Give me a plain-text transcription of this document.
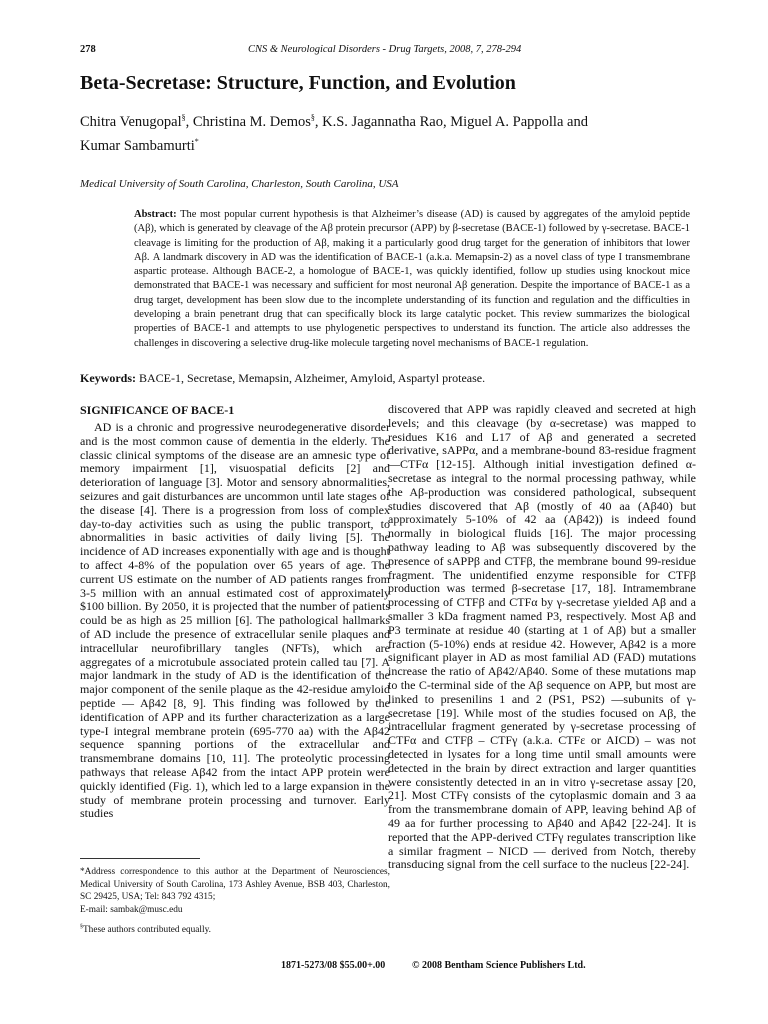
278	CNS & Neurological Disorders - Drug Targets, 2008, 7, 278-294
Beta-Secretase: Structure, Function, and Evolution

Chitra Venugopal§, Christina M. Demos§, K.S. Jagannatha Rao, Miguel A. Pappolla and
Kumar Sambamurti*

Medical University of South Carolina, Charleston, South Carolina, USA

Abstract: The most popular current hypothesis is that Alzheimer’s disease (AD) is caused by aggregates of the amyloid peptide (Aβ), which is generated by cleavage of the Aβ protein precursor (APP) by β-secretase (BACE-1) followed by γ-secretase. BACE-1 cleavage is limiting for the production of Aβ, making it a particularly good drug target for the generation of inhibitors that lower Aβ. A landmark discovery in AD was the identification of BACE-1 (a.k.a. Memapsin-2) as a novel class of type I transmembrane aspartic protease. Although BACE-2, a homologue of BACE-1, was quickly identified, follow up studies using knockout mice demonstrated that BACE-1 was necessary and sufficient for most neuronal Aβ generation. Despite the importance of BACE-1 as a drug target, development has been slow due to the incomplete understanding of its function and regulation and the difficulties in developing a brain penetrant drug that can specifically block its large catalytic pocket. This review summarizes the biological properties of BACE-1 and attempts to use phylogenetic perspectives to understand its function. The article also addresses the challenges in discovering a selective drug-like molecule targeting novel mechanisms of BACE-1 regulation.

Keywords: BACE-1, Secretase, Memapsin, Alzheimer, Amyloid, Aspartyl protease.

SIGNIFICANCE OF BACE-1

AD is a chronic and progressive neurodegenerative disorder and is the most common cause of dementia in the elderly. The classic clinical symptoms of the disease are an amnesic type of memory impairment [1], visuospatial deficits [2] and deterioration of language [3]. Motor and sensory abnormalities, seizures and gait disturbances are uncommon until late stages of the disease [4]. There is a progression from loss of complex day-to-day activities such as using the public transport, to abnormalities in basic activities of daily living [5]. The incidence of AD increases exponentially with age and is thought to affect 4-8% of the population over 65 years of age. The current US estimate on the number of AD patients ranges from 3-5 million with an annual estimated cost of approximately $100 billion. By 2050, it is projected that the number of patients could be as high as 25 million [6]. The pathological hallmarks of AD include the presence of extracellular senile plaques and intracellular neurofibrillary tangles (NFTs), which are aggregates of a microtubule associated protein called tau [7]. A major landmark in the study of AD is the identification of the major component of the senile plaque as the 42-residue amyloid peptide — Aβ42 [8, 9]. This finding was followed by the identification of APP and its further characterization as a large type-I integral membrane protein (695-770 aa) with the Aβ42 sequence spanning portions of the extracellular and transmembrane domains [10, 11]. The proteolytic processing pathways that release Aβ42 from the intact APP protein were quickly identified (Fig. 1), which led to a large expansion in the study of membrane protein processing and turnover. Early studies

discovered that APP was rapidly cleaved and secreted at high levels; and this cleavage (by α-secretase) was mapped to residues K16 and L17 of Aβ and generated a secreted derivative, sAPPα, and a membrane-bound 83-residue fragment—CTFα [12-15]. Although initial investigation defined α-secretase as integral to the normal processing pathway, while the Aβ-production was considered pathological, subsequent studies discovered that Aβ (mostly of 40 aa (Aβ40) but approximately 5-10% of 42 aa (Aβ42)) is indeed found normally in biological fluids [16]. The major processing pathway leading to Aβ was subsequently discovered by the presence of sAPPβ and CTFβ, the membrane bound 99-residue fragment. The unidentified enzyme responsible for CTFβ production was termed β-secretase [17, 18]. Intramembrane processing of CTFβ and CTFα by γ-secretase yielded Aβ and a smaller 3 kDa fragment named P3, respectively. Most Aβ and P3 terminate at residue 40 (starting at 1 of Aβ) but a smaller fraction (5-10%) ends at residue 42. However, Aβ42 is a more significant player in AD as most familial AD (FAD) mutations increase the ratio of Aβ42/Aβ40. Some of these mutations map to the C-terminal side of the Aβ sequence on APP, but most are linked to presenilins 1 and 2 (PS1, PS2) —subunits of γ-secretase [19]. While most of the studies focused on Aβ, the intracellular fragment generated by γ-secretase processing of CTFα and CTFβ – CTFγ (a.k.a. CTFε or AICD) – was not detected in lysates for a long time until small amounts were detected in the brain by direct extraction and larger quantities were consistently detected in an in vitro γ-secretase assay [20, 21]. Most CTFγ consists of the cytoplasmic domain and 3 aa from the transmembrane domain of APP, leaving behind Aβ of 49 aa for further processing to Aβ40 and Aβ42 [22-24]. It is reported that the APP-derived CTFγ regulates transcription like a similar fragment – NICD — derived from Notch, thereby transducing signal from the cell surface to the nucleus [22-24].

*Address correspondence to this author at the Department of Neurosciences, Medical University of South Carolina, 173 Ashley Avenue, BSB 403, Charleston, SC 29425, USA; Tel: 843 792 4315;
E-mail: sambak@musc.edu

§These authors contributed equally.

1871-5273/08 $55.00+.00	© 2008 Bentham Science Publishers Ltd.
